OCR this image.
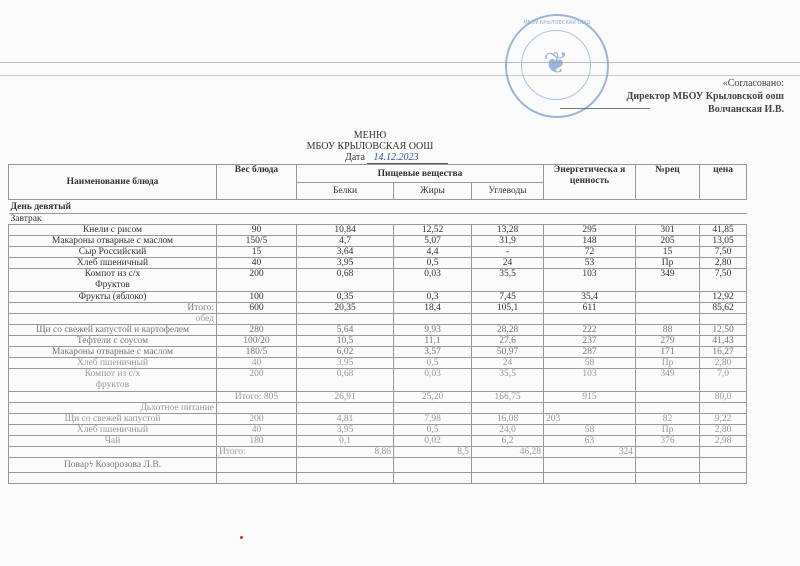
МБОУ КРЫЛОВСКАЯ ООШ
❦
«Согласовано:
Директор МБОУ Крыловской оош
Волчанская И.В.
МЕНЮ
МБОУ КРЫЛОВСКАЯ ООШ
Дата 14.12.2023
Наименование блюда	Вес блюда	Пищевые вещества			Энергетическа я ценность	№рец	цена
		Белки	Жиры	Углеводы			
День девятый							
Завтрак							
Кнели с рисом	90	10,84	12,52	13,28	295	301	41,85
Макароны отварные с маслом	150/5	4,7	5,07	31,9	148	205	13,05
Сыр Российский	15	3,64	4,4	-	72	15	7,50
Хлеб пшеничный	40	3,95	0,5	24	53	Пр	2,80
Компот из с/х
Фруктов	200	0,68	0,03	35,5	103	349	7,50
Фрукты (яблоко)	100	0,35	0,3	7,45	35,4		12,92
Итого:	600	20,35	18,4	105,1	611		85,62
обед							
Щи со свежей капустой и картофелем	280	5,64	9,93	28,28	222	88	12,50
Тефтели с соусом	100/20	10,5	11,1	27,6	237	279	41,43
Макароны отварные с маслом	180/5	6,02	3,57	50,97	287	171	16,27
Хлеб пшеничный	40	3,95	0,5	24	58	Пр	2,80
Компот из с/х
фруктов	200	0,68	0,03	35,5	103	349	7,0
	Итого: 805	26,91	25,20	166,75	915		80,0
Дьхотное питание							
Щи со свежей капустой	200	4,81	7,98	16,08	203	82	9,22
Хлеб пшеничный	40	3,95	0,5	24,0	58	Пр	2,80
Чай	180	0,1	0,02	6,2	63	376	2,98
	Итого:	8,86	8,5	46,28	324		
Поварϟ Козорозова Л.В.							
